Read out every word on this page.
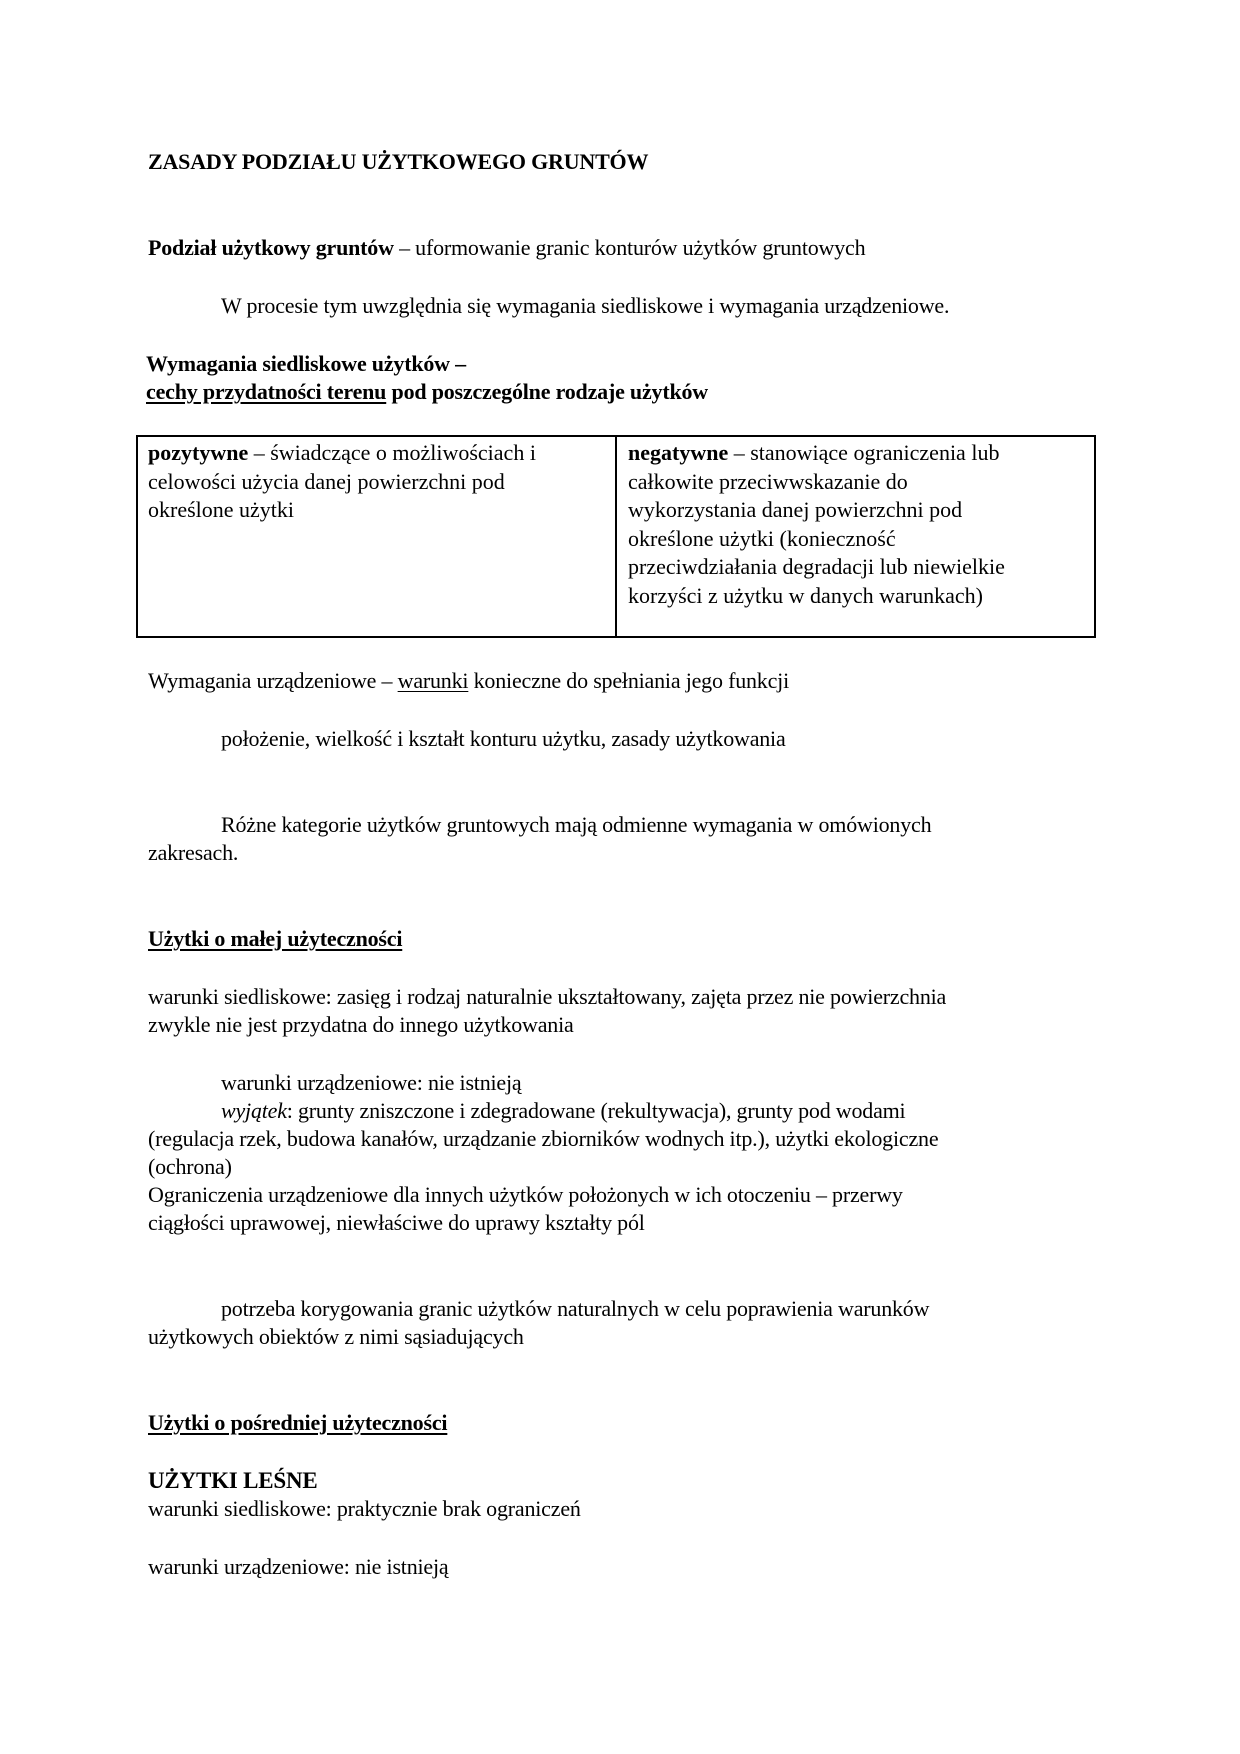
ZASADY PODZIAŁU UŻYTKOWEGO GRUNTÓW
Podział użytkowy gruntów – uformowanie granic konturów użytków gruntowych
W procesie tym uwzględnia się wymagania siedliskowe i wymagania urządzeniowe.
Wymagania siedliskowe użytków –
cechy przydatności terenu pod poszczególne rodzaje użytków
pozytywne – świadczące o możliwościach i
celowości użycia danej powierzchni pod
określone użytki
negatywne – stanowiące ograniczenia lub
całkowite przeciwwskazanie do
wykorzystania danej powierzchni pod
określone użytki (konieczność
przeciwdziałania degradacji lub niewielkie
korzyści z użytku w danych warunkach)
Wymagania urządzeniowe – warunki konieczne do spełniania jego funkcji
położenie, wielkość i kształt konturu użytku, zasady użytkowania
Różne kategorie użytków gruntowych mają odmienne wymagania w omówionych
zakresach.
Użytki o małej użyteczności
warunki siedliskowe: zasięg i rodzaj naturalnie ukształtowany, zajęta przez nie powierzchnia
zwykle nie jest przydatna do innego użytkowania
warunki urządzeniowe: nie istnieją
wyjątek: grunty zniszczone i zdegradowane (rekultywacja), grunty pod wodami
(regulacja rzek, budowa kanałów, urządzanie zbiorników wodnych itp.), użytki ekologiczne
(ochrona)
Ograniczenia urządzeniowe dla innych użytków położonych w ich otoczeniu – przerwy
ciągłości uprawowej, niewłaściwe do uprawy kształty pól
potrzeba korygowania granic użytków naturalnych w celu poprawienia warunków
użytkowych obiektów z nimi sąsiadujących
Użytki o pośredniej użyteczności
UŻYTKI LEŚNE
warunki siedliskowe: praktycznie brak ograniczeń
warunki urządzeniowe: nie istnieją
